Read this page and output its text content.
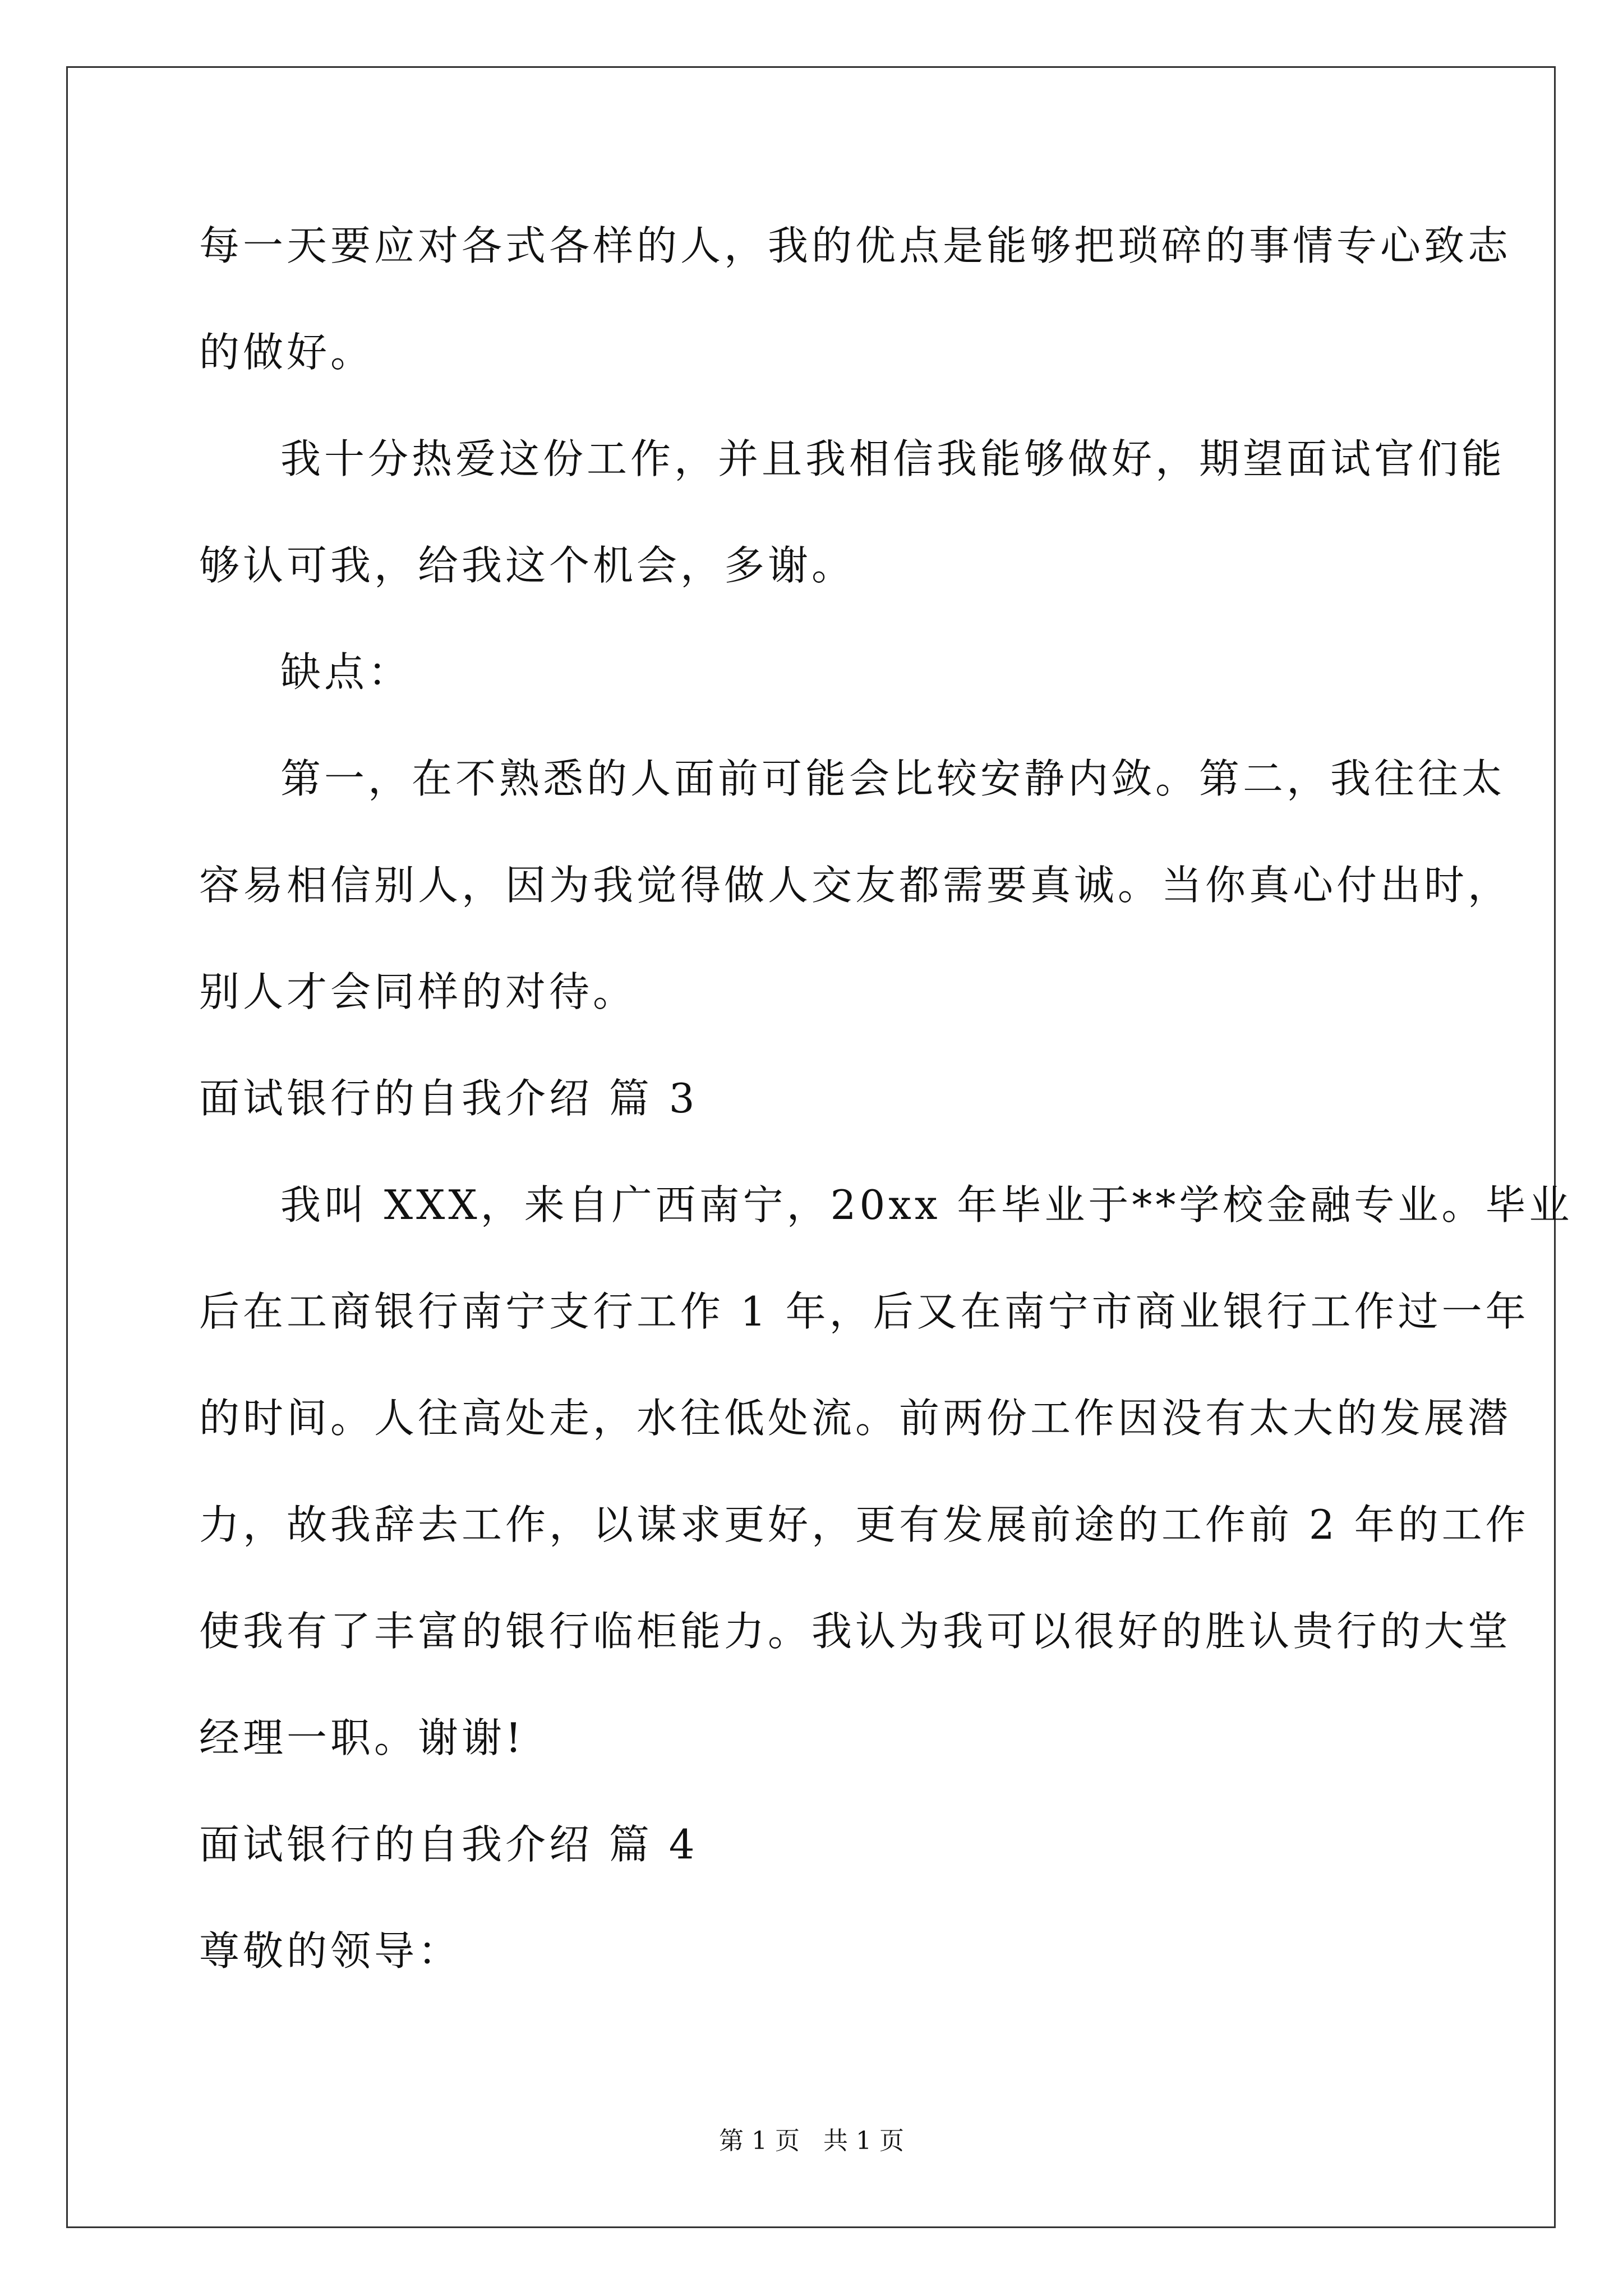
每一天要应对各式各样的人，我的优点是能够把琐碎的事情专心致志
的做好。
我十分热爱这份工作，并且我相信我能够做好，期望面试官们能
够认可我，给我这个机会，多谢。
缺点：
第一，在不熟悉的人面前可能会比较安静内敛。第二，我往往太
容易相信别人，因为我觉得做人交友都需要真诚。当你真心付出时，
别人才会同样的对待。
面试银行的自我介绍 篇 3
我叫 XXX，来自广西南宁，20xx 年毕业于**学校金融专业。毕业
后在工商银行南宁支行工作 1 年，后又在南宁市商业银行工作过一年
的时间。人往高处走，水往低处流。前两份工作因没有太大的发展潜
力，故我辞去工作，以谋求更好，更有发展前途的工作前 2 年的工作
使我有了丰富的银行临柜能力。我认为我可以很好的胜认贵行的大堂
经理一职。谢谢!
面试银行的自我介绍 篇 4
尊敬的领导：
第 1 页   共 1 页
